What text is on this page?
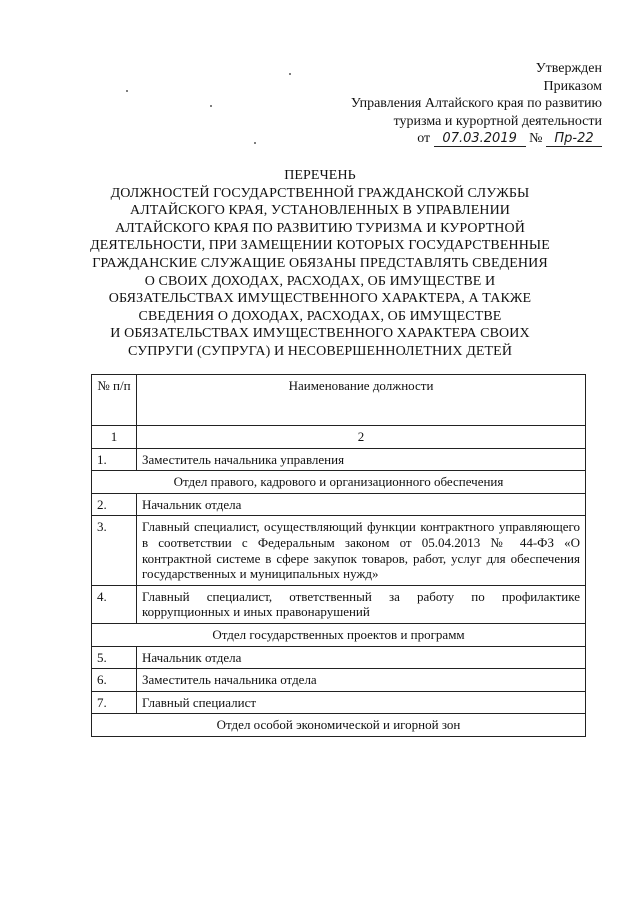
Утвержден
Приказом
Управления Алтайского края по развитию
туризма и курортной деятельности
от 07.03.2019 № Пр-22
ПЕРЕЧЕНЬ
ДОЛЖНОСТЕЙ ГОСУДАРСТВЕННОЙ ГРАЖДАНСКОЙ СЛУЖБЫ
АЛТАЙСКОГО КРАЯ, УСТАНОВЛЕННЫХ В УПРАВЛЕНИИ
АЛТАЙСКОГО КРАЯ ПО РАЗВИТИЮ ТУРИЗМА И КУРОРТНОЙ
ДЕЯТЕЛЬНОСТИ, ПРИ ЗАМЕЩЕНИИ КОТОРЫХ ГОСУДАРСТВЕННЫЕ
ГРАЖДАНСКИЕ СЛУЖАЩИЕ ОБЯЗАНЫ ПРЕДСТАВЛЯТЬ СВЕДЕНИЯ
О СВОИХ ДОХОДАХ, РАСХОДАХ, ОБ ИМУЩЕСТВЕ И
ОБЯЗАТЕЛЬСТВАХ ИМУЩЕСТВЕННОГО ХАРАКТЕРА, А ТАКЖЕ
СВЕДЕНИЯ О ДОХОДАХ, РАСХОДАХ, ОБ ИМУЩЕСТВЕ
И ОБЯЗАТЕЛЬСТВАХ ИМУЩЕСТВЕННОГО ХАРАКТЕРА СВОИХ
СУПРУГИ (СУПРУГА) И НЕСОВЕРШЕННОЛЕТНИХ ДЕТЕЙ
№ п/п	Наименование должности
1	2
1.	Заместитель начальника управления
Отдел правого, кадрового и организационного обеспечения	
2.	Начальник отдела
3.	Главный специалист, осуществляющий функции контрактного управляющего в соответствии с Федеральным законом от 05.04.2013 № 44-ФЗ «О контрактной системе в сфере закупок товаров, работ, услуг для обеспечения государственных и муниципальных нужд»
4.	Главный специалист, ответственный за работу по профилактике коррупционных и иных правонарушений
Отдел государственных проектов и программ	
5.	Начальник отдела
6.	Заместитель начальника отдела
7.	Главный специалист
Отдел особой экономической и игорной зон	
